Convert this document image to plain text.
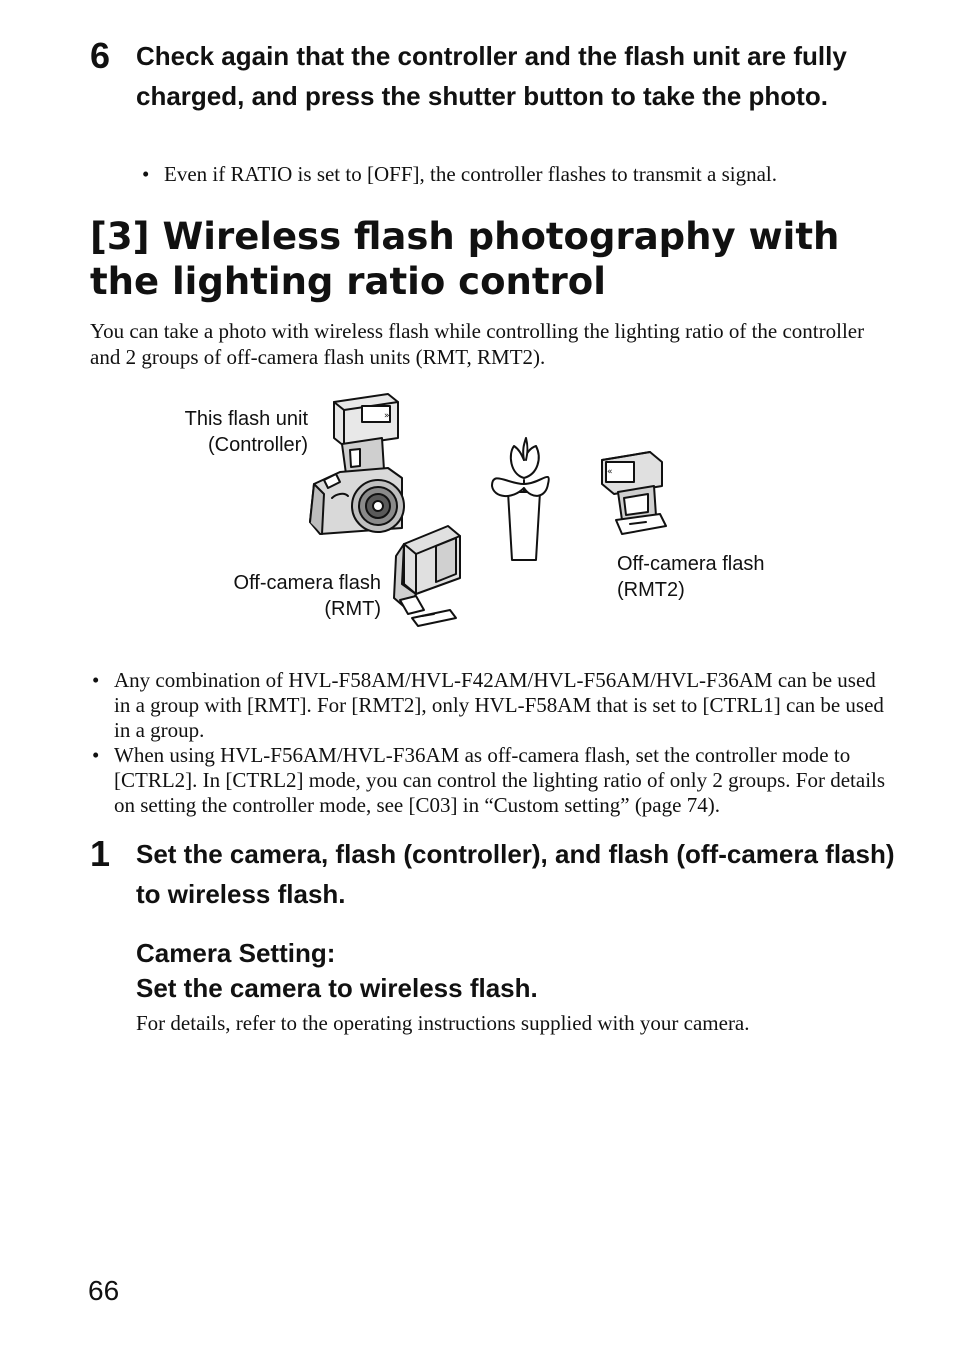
6 Check again that the controller and the flash unit are fully charged, and press the shutter button to take the photo.
• Even if RATIO is set to [OFF], the controller flashes to transmit a signal.
[3] Wireless flash photography with the lighting ratio control
You can take a photo with wireless flash while controlling the lighting ratio of the controller and 2 groups of off-camera flash units (RMT, RMT2).
This flash unit
(Controller)
Off-camera flash
(RMT)
Off-camera flash
(RMT2)
»
«
• Any combination of HVL-F58AM/HVL-F42AM/HVL-F56AM/HVL-F36AM can be used in a group with [RMT]. For [RMT2], only HVL-F58AM that is set to [CTRL1] can be used in a group.
• When using HVL-F56AM/HVL-F36AM as off-camera flash, set the controller mode to [CTRL2]. In [CTRL2] mode, you can control the lighting ratio of only 2 groups. For details on setting the controller mode, see [C03] in “Custom setting” (page 74).
1 Set the camera, flash (controller), and flash (off-camera flash) to wireless flash.
Camera Setting:
Set the camera to wireless flash.
For details, refer to the operating instructions supplied with your camera.
66
